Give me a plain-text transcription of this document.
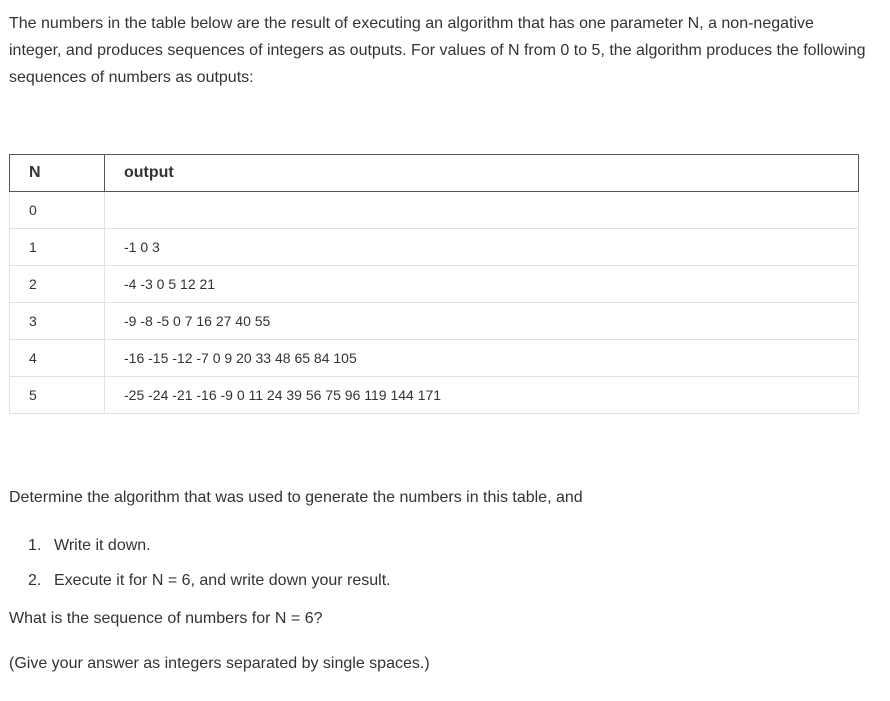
The numbers in the table below are the result of executing an algorithm that has one parameter N, a non-negative integer, and produces sequences of integers as outputs. For values of N from 0 to 5, the algorithm produces the following sequences of numbers as outputs:

N	output
0	
1	-1 0 3
2	-4 -3 0 5 12 21
3	-9 -8 -5 0 7 16 27 40 55
4	-16 -15 -12 -7 0 9 20 33 48 65 84 105
5	-25 -24 -21 -16 -9 0 11 24 39 56 75 96 119 144 171

Determine the algorithm that was used to generate the numbers in this table, and

1. Write it down.
2. Execute it for N = 6, and write down your result.

What is the sequence of numbers for N = 6?

(Give your answer as integers separated by single spaces.)
